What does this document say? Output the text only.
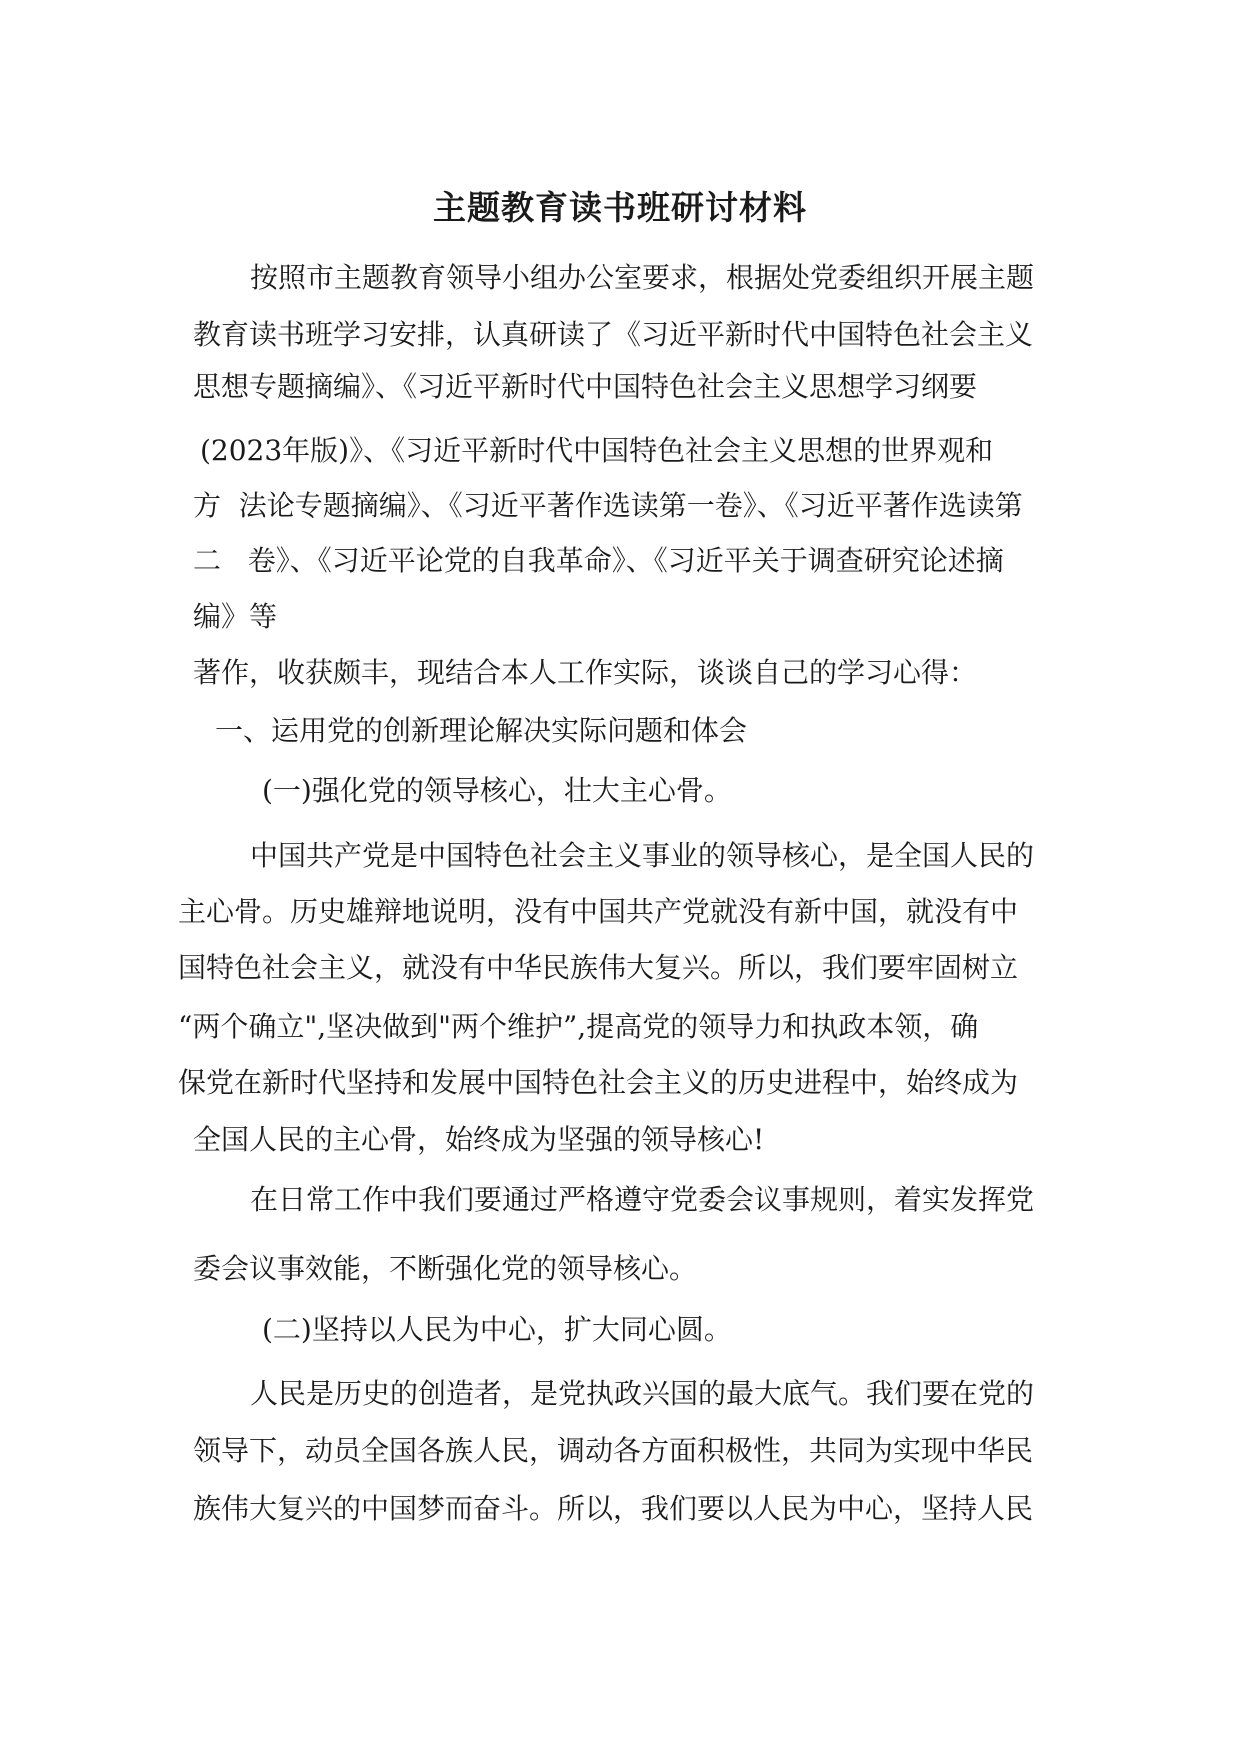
主题教育读书班研讨材料
按照市主题教育领导小组办公室要求，根据处党委组织开展主题
教育读书班学习安排，认真研读了《习近平新时代中国特色社会主义
思想专题摘编》、《习近平新时代中国特色社会主义思想学习纲要
(2023年版)》、《习近平新时代中国特色社会主义思想的世界观和
方  法论专题摘编》、《习近平著作选读第一卷》、《习近平著作选读第
二   卷》、《习近平论党的自我革命》、《习近平关于调查研究论述摘
编》等
著作，收获颇丰，现结合本人工作实际，谈谈自己的学习心得：
一、运用党的创新理论解决实际问题和体会
(一)强化党的领导核心，壮大主心骨。
中国共产党是中国特色社会主义事业的领导核心，是全国人民的
主心骨。历史雄辩地说明，没有中国共产党就没有新中国，就没有中
国特色社会主义，就没有中华民族伟大复兴。所以，我们要牢固树立
“两个确立",坚决做到"两个维护”,提高党的领导力和执政本领，确
保党在新时代坚持和发展中国特色社会主义的历史进程中，始终成为
全国人民的主心骨，始终成为坚强的领导核心!
在日常工作中我们要通过严格遵守党委会议事规则，着实发挥党
委会议事效能，不断强化党的领导核心。
(二)坚持以人民为中心，扩大同心圆。
人民是历史的创造者，是党执政兴国的最大底气。我们要在党的
领导下，动员全国各族人民，调动各方面积极性，共同为实现中华民
族伟大复兴的中国梦而奋斗。所以，我们要以人民为中心，坚持人民
